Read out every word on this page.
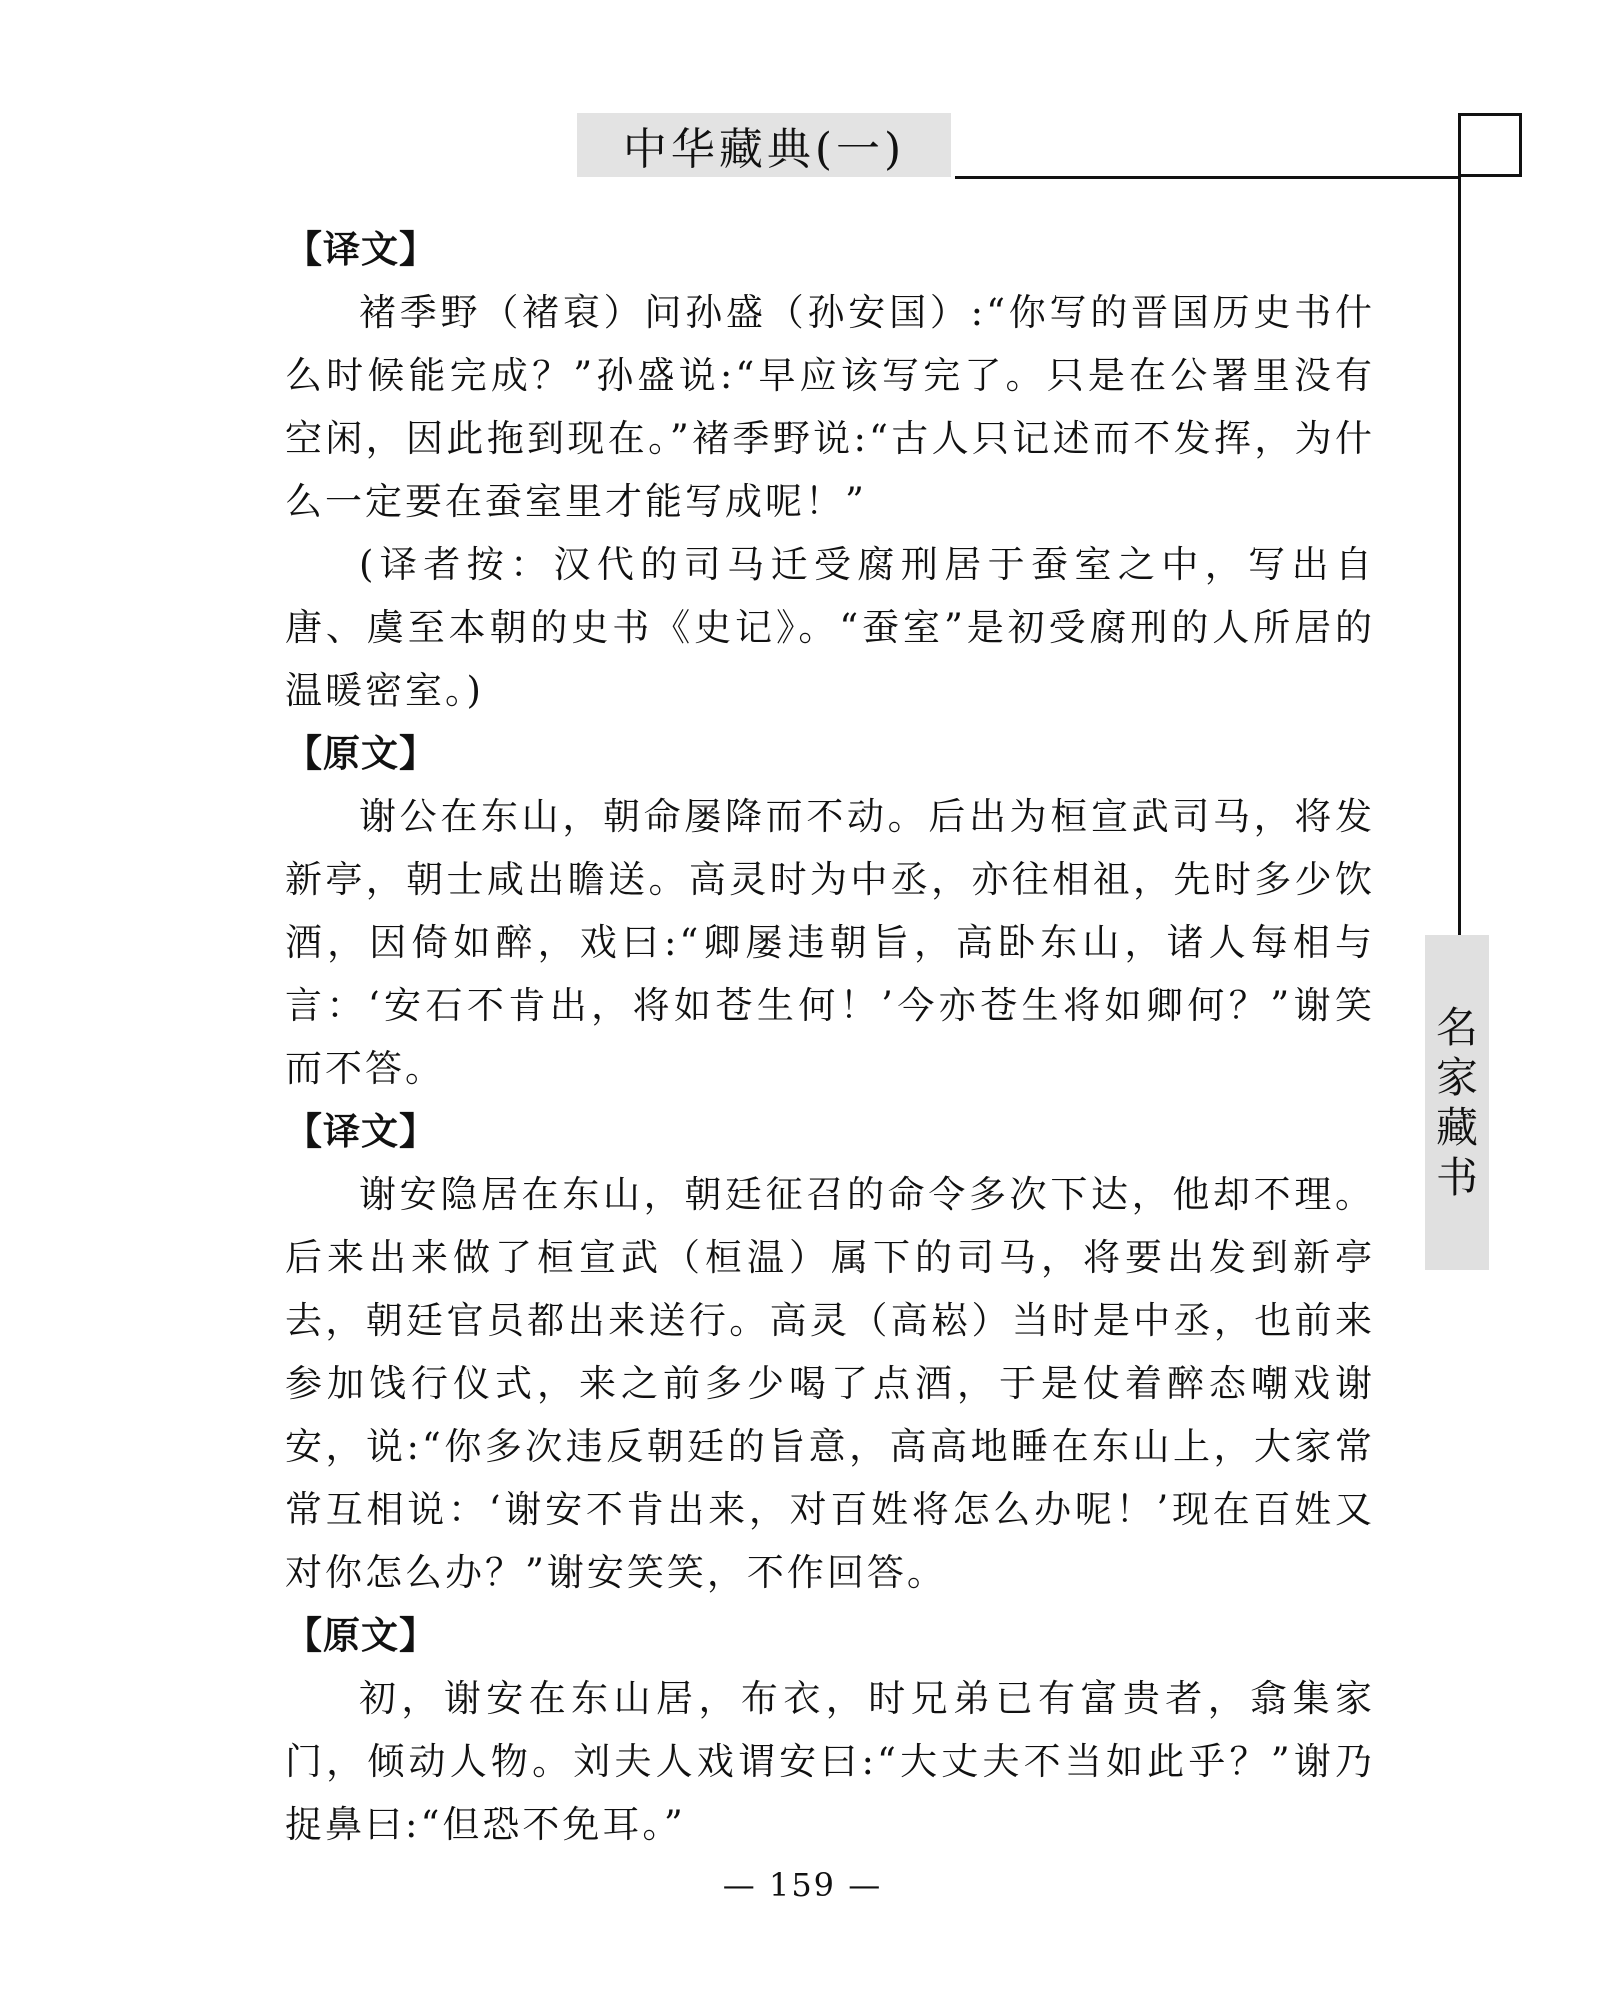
中华藏典(一)
名
家
藏
书
【译文】

褚季野（褚裒）问孙盛（孙安国）:“你写的晋国历史书什么时候能完成？”孙盛说:“早应该写完了。只是在公署里没有空闲，因此拖到现在。”褚季野说:“古人只记述而不发挥，为什么一定要在蚕室里才能写成呢！”

(译者按：汉代的司马迁受腐刑居于蚕室之中，写出自唐、虞至本朝的史书《史记》。“蚕室”是初受腐刑的人所居的温暖密室。)

【原文】

谢公在东山，朝命屡降而不动。后出为桓宣武司马，将发新亭，朝士咸出瞻送。高灵时为中丞，亦往相祖，先时多少饮酒，因倚如醉，戏曰:“卿屡违朝旨，高卧东山，诸人每相与言：‘安石不肯出，将如苍生何！’今亦苍生将如卿何？”谢笑而不答。

【译文】

谢安隐居在东山，朝廷征召的命令多次下达，他却不理。后来出来做了桓宣武（桓温）属下的司马，将要出发到新亭去，朝廷官员都出来送行。高灵（高崧）当时是中丞，也前来参加饯行仪式，来之前多少喝了点酒，于是仗着醉态嘲戏谢安，说:“你多次违反朝廷的旨意，高高地睡在东山上，大家常常互相说：‘谢安不肯出来，对百姓将怎么办呢！’现在百姓又对你怎么办？”谢安笑笑，不作回答。

【原文】

初，谢安在东山居，布衣，时兄弟已有富贵者，翕集家门，倾动人物。刘夫人戏谓安曰:“大丈夫不当如此乎？”谢乃捉鼻曰:“但恐不免耳。”

— 159 —
